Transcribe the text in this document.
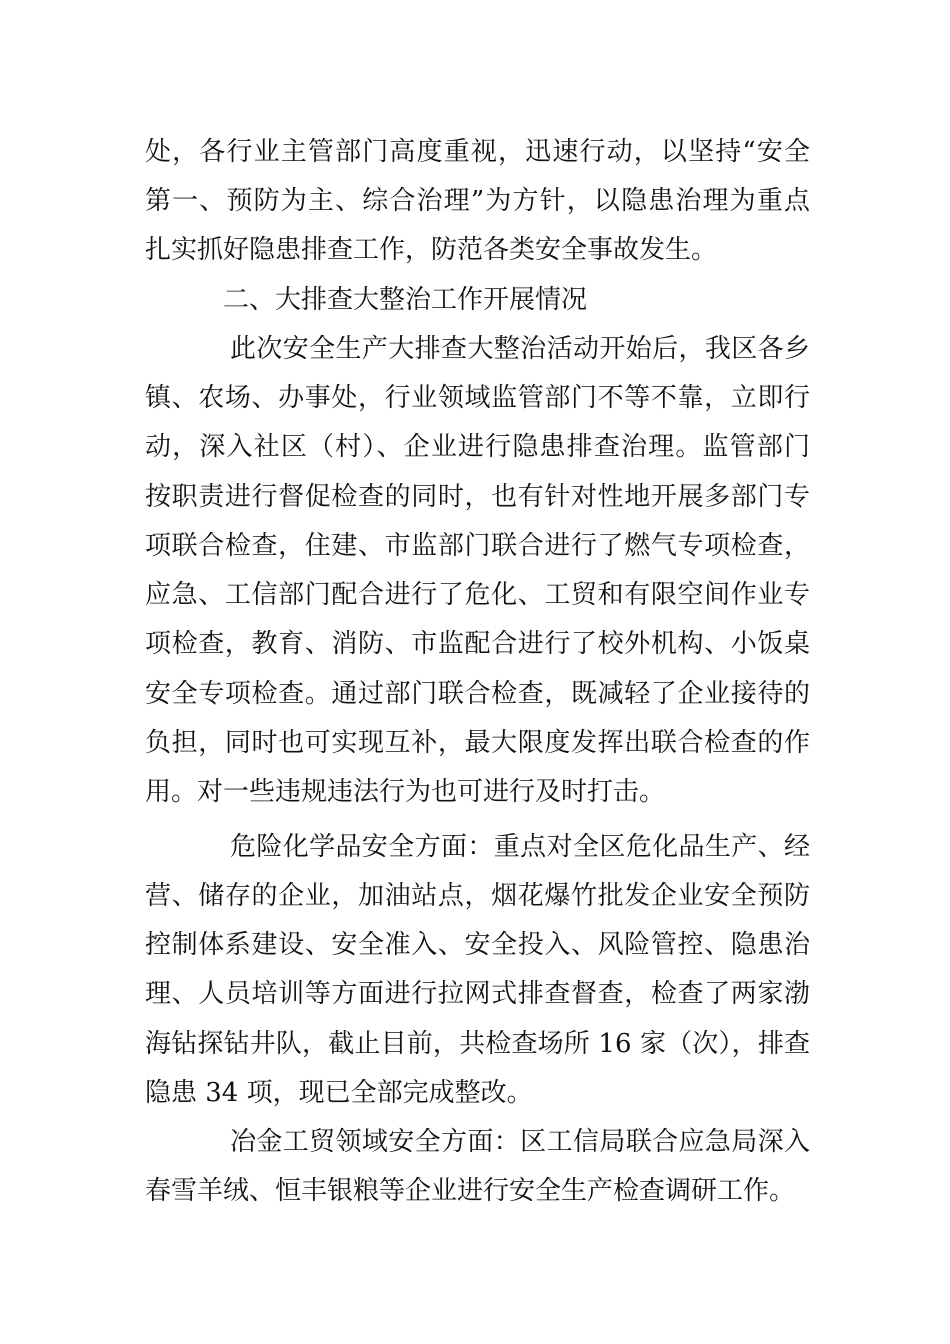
处，各行业主管部门高度重视，迅速行动，以坚持“安全
第一、预防为主、综合治理”为方针，以隐患治理为重点
扎实抓好隐患排查工作，防范各类安全事故发生。
二、大排查大整治工作开展情况
此次安全生产大排查大整治活动开始后，我区各乡
镇、农场、办事处，行业领域监管部门不等不靠，立即行
动，深入社区（村）、企业进行隐患排查治理。监管部门
按职责进行督促检查的同时，也有针对性地开展多部门专
项联合检查，住建、市监部门联合进行了燃气专项检查，
应急、工信部门配合进行了危化、工贸和有限空间作业专
项检查，教育、消防、市监配合进行了校外机构、小饭桌
安全专项检查。通过部门联合检查，既减轻了企业接待的
负担，同时也可实现互补，最大限度发挥出联合检查的作
用。对一些违规违法行为也可进行及时打击。
危险化学品安全方面：重点对全区危化品生产、经
营、储存的企业，加油站点，烟花爆竹批发企业安全预防
控制体系建设、安全准入、安全投入、风险管控、隐患治
理、人员培训等方面进行拉网式排查督查，检查了两家渤
海钻探钻井队，截止目前，共检查场所 16 家（次），排查
隐患 34 项，现已全部完成整改。
冶金工贸领域安全方面：区工信局联合应急局深入
春雪羊绒、恒丰银粮等企业进行安全生产检查调研工作。
